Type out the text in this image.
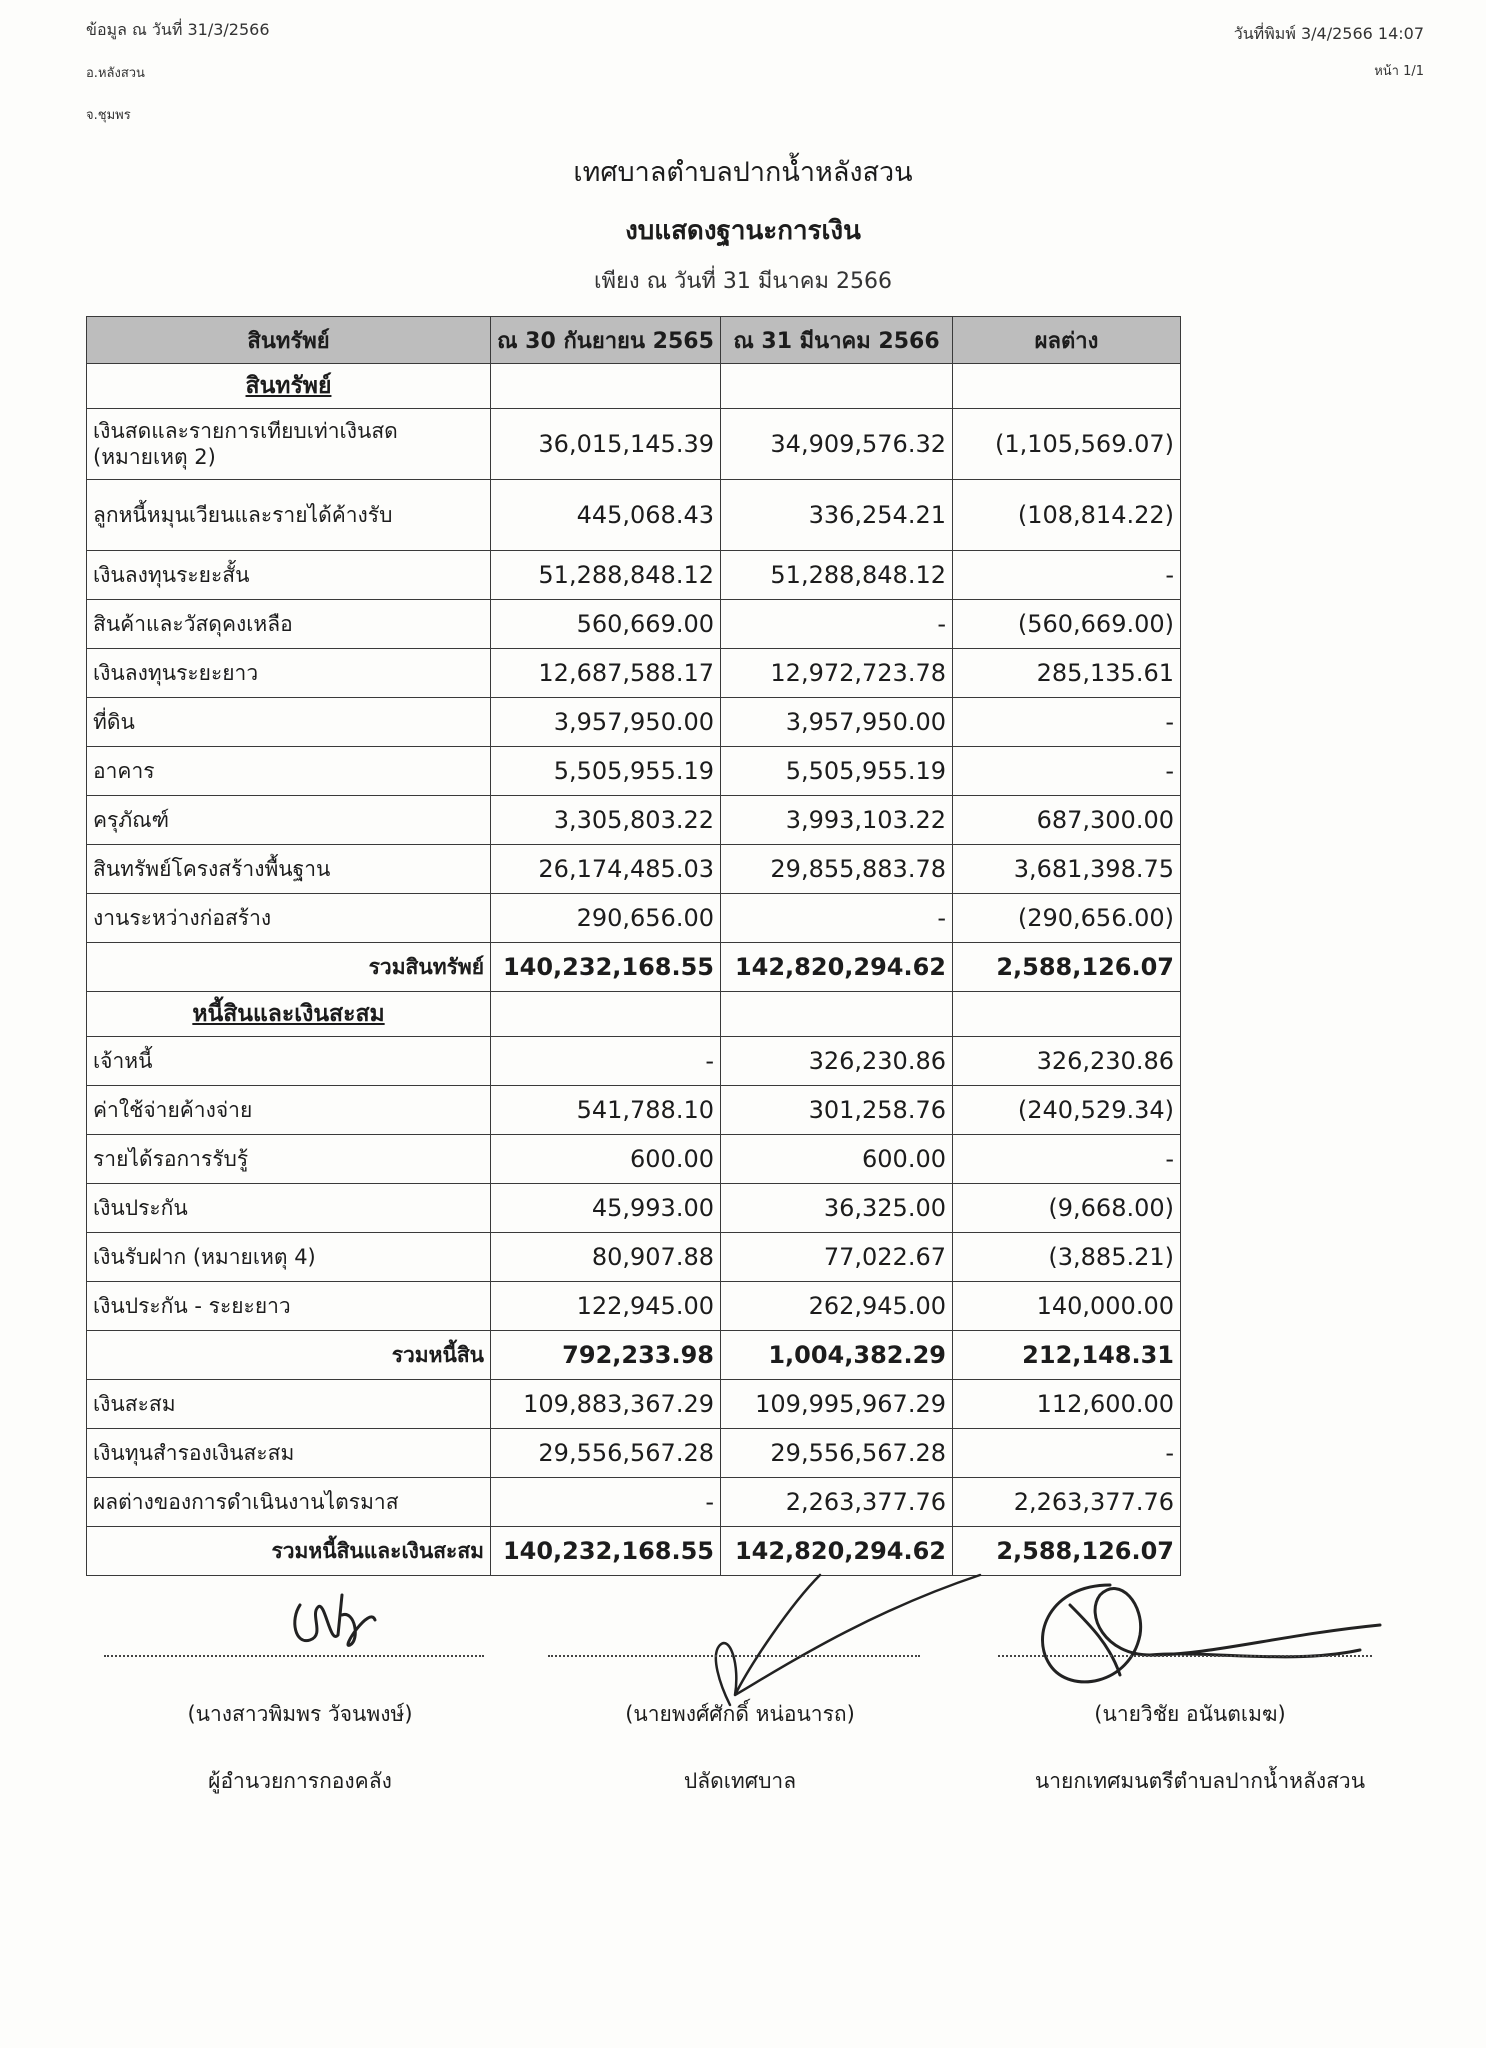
ข้อมูล ณ วันที่ 31/3/2566
อ.หลังสวน
จ.ชุมพร
วันที่พิมพ์ 3/4/2566 14:07
หน้า 1/1
เทศบาลตำบลปากน้ำหลังสวน
งบแสดงฐานะการเงิน
เพียง ณ วันที่ 31 มีนาคม 2566
สินทรัพย์	ณ 30 กันยายน 2565	ณ 31 มีนาคม 2566	ผลต่าง
สินทรัพย์			
เงินสดและรายการเทียบเท่าเงินสด (หมายเหตุ 2)	36,015,145.39	34,909,576.32	(1,105,569.07)
ลูกหนี้หมุนเวียนและรายได้ค้างรับ	445,068.43	336,254.21	(108,814.22)
เงินลงทุนระยะสั้น	51,288,848.12	51,288,848.12	-
สินค้าและวัสดุคงเหลือ	560,669.00	-	(560,669.00)
เงินลงทุนระยะยาว	12,687,588.17	12,972,723.78	285,135.61
ที่ดิน	3,957,950.00	3,957,950.00	-
อาคาร	5,505,955.19	5,505,955.19	-
ครุภัณฑ์	3,305,803.22	3,993,103.22	687,300.00
สินทรัพย์โครงสร้างพื้นฐาน	26,174,485.03	29,855,883.78	3,681,398.75
งานระหว่างก่อสร้าง	290,656.00	-	(290,656.00)
รวมสินทรัพย์	140,232,168.55	142,820,294.62	2,588,126.07
หนี้สินและเงินสะสม			
เจ้าหนี้	-	326,230.86	326,230.86
ค่าใช้จ่ายค้างจ่าย	541,788.10	301,258.76	(240,529.34)
รายได้รอการรับรู้	600.00	600.00	-
เงินประกัน	45,993.00	36,325.00	(9,668.00)
เงินรับฝาก (หมายเหตุ 4)	80,907.88	77,022.67	(3,885.21)
เงินประกัน - ระยะยาว	122,945.00	262,945.00	140,000.00
รวมหนี้สิน	792,233.98	1,004,382.29	212,148.31
เงินสะสม	109,883,367.29	109,995,967.29	112,600.00
เงินทุนสำรองเงินสะสม	29,556,567.28	29,556,567.28	-
ผลต่างของการดำเนินงานไตรมาส	-	2,263,377.76	2,263,377.76
รวมหนี้สินและเงินสะสม	140,232,168.55	142,820,294.62	2,588,126.07
(นางสาวพิมพร วัจนพงษ์)	(นายพงศ์ศักดิ์ หน่อนารถ)	(นายวิชัย อนันตเมฆ)
ผู้อำนวยการกองคลัง	ปลัดเทศบาล	นายกเทศมนตรีตำบลปากน้ำหลังสวน
